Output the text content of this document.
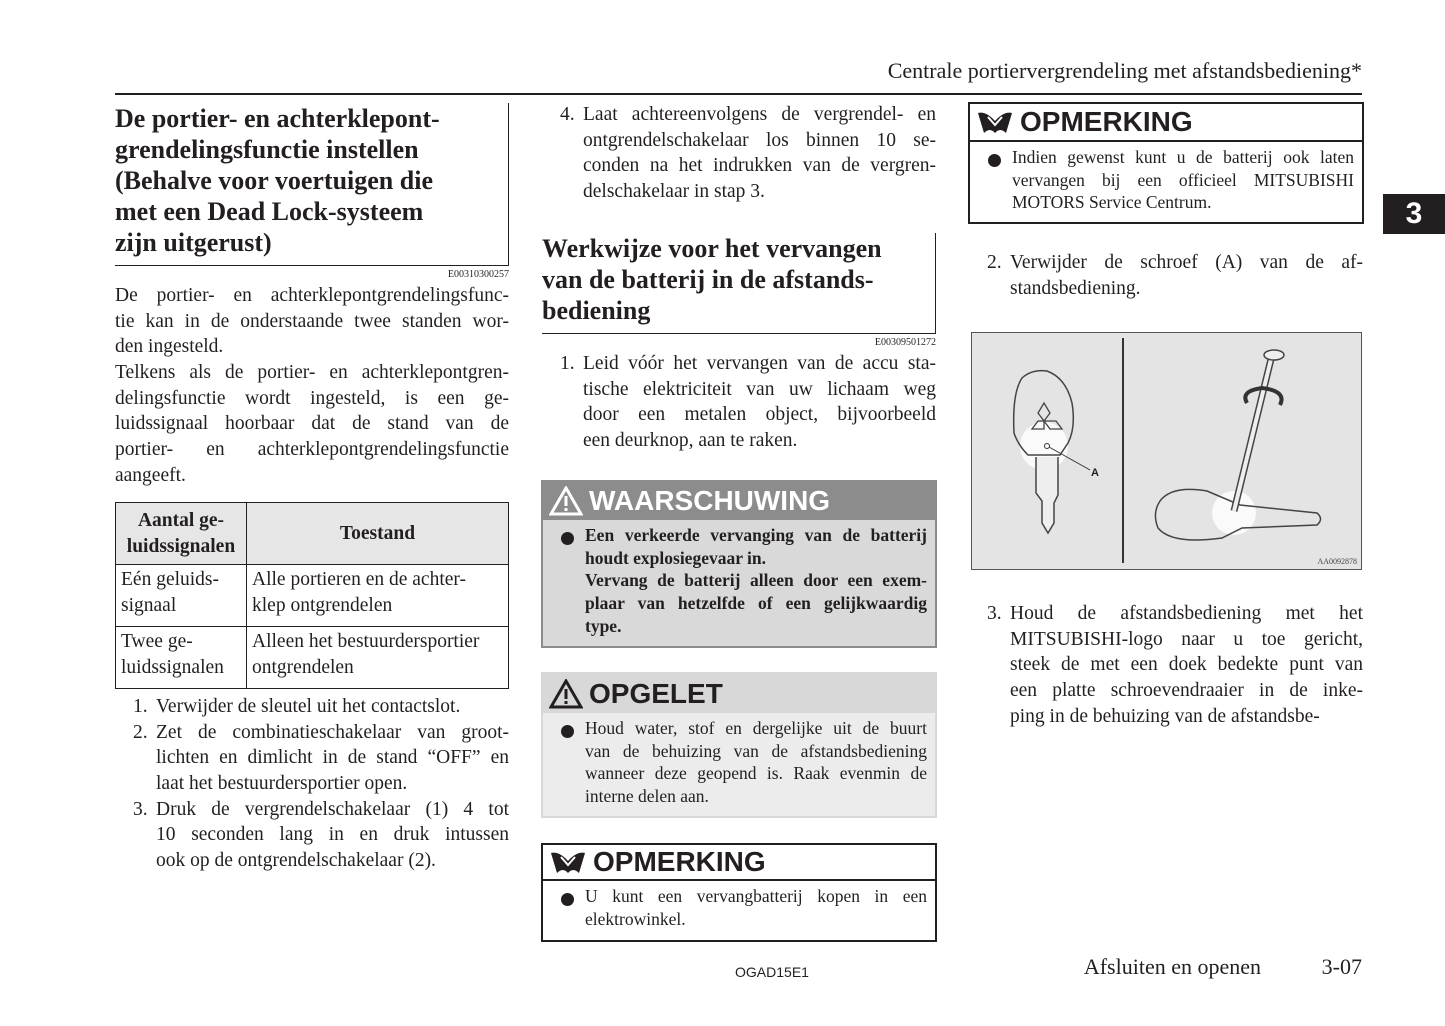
Centrale portiervergrendeling met afstandsbediening*
3
De portier- en achterklepont-
grendelingsfunctie instellen
(Behalve voor voertuigen die
met een Dead Lock-systeem
zijn uitgerust)
E00310300257
De portier- en achterklepontgrendelingsfunc-
tie kan in de onderstaande twee standen wor-
den ingesteld.
Telkens als de portier- en achterklepontgren-
delingsfunctie wordt ingesteld, is een ge-
luidssignaal hoorbaar dat de stand van de
portier- en achterklepontgrendelingsfunctie
aangeeft.
Aantal ge-
luidssignalen	Toestand
Eén geluids-
signaal	Alle portieren en de achter-
klep ontgrendelen
Twee ge-
luidssignalen	Alleen het bestuurdersportier
ontgrendelen
1. Verwijder de sleutel uit het contactslot.
2. Zet de combinatieschakelaar van groot-
lichten en dimlicht in de stand “OFF” en
laat het bestuurdersportier open.
3. Druk de vergrendelschakelaar (1) 4 tot
10 seconden lang in en druk intussen
ook op de ontgrendelschakelaar (2).
4. Laat achtereenvolgens de vergrendel- en
ontgrendelschakelaar los binnen 10 se-
conden na het indrukken van de vergren-
delschakelaar in stap 3.
Werkwijze voor het vervangen
van de batterij in de afstands-
bediening
E00309501272
1. Leid vóór het vervangen van de accu sta-
tische elektriciteit van uw lichaam weg
door een metalen object, bijvoorbeeld
een deurknop, aan te raken.
WAARSCHUWING
Een verkeerde vervanging van de batterij
houdt explosiegevaar in.
Vervang de batterij alleen door een exem-
plaar van hetzelfde of een gelijkwaardig
type.
OPGELET
Houd water, stof en dergelijke uit de buurt
van de behuizing van de afstandsbediening
wanneer deze geopend is. Raak evenmin de
interne delen aan.
OPMERKING
U kunt een vervangbatterij kopen in een
elektrowinkel.
OPMERKING
Indien gewenst kunt u de batterij ook laten
vervangen bij een officieel MITSUBISHI
MOTORS Service Centrum.
2. Verwijder de schroef (A) van de af-
standsbediening.
A
AA0092878
3. Houd de afstandsbediening met het
MITSUBISHI-logo naar u toe gericht,
steek de met een doek bedekte punt van
een platte schroevendraaier in de inke-
ping in de behuizing van de afstandsbe-
OGAD15E1	Afsluiten en openen	3-07
